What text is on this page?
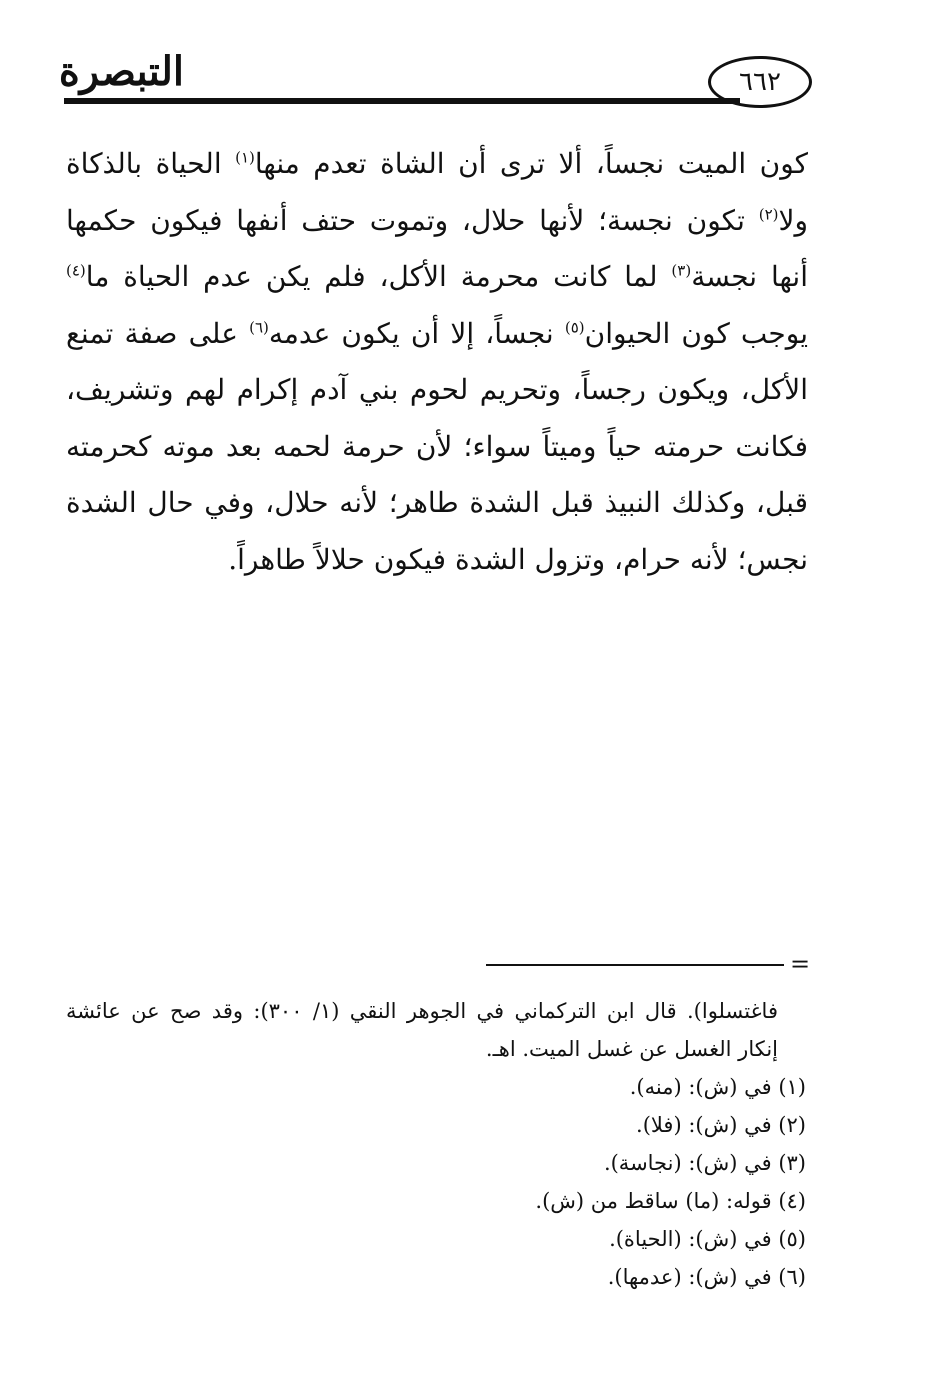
التبصرة	٦٦٢

كون الميت نجساً، ألا ترى أن الشاة تعدم منها$^{(١)}$ الحياة بالذكاة ولا$^{(٢)}$ تكون نجسة؛ لأنها حلال، وتموت حتف أنفها فيكون حكمها أنها نجسة$^{(٣)}$ لما كانت محرمة الأكل، فلم يكن عدم الحياة ما$^{(٤)}$ يوجب كون الحيوان$^{(٥)}$ نجساً، إلا أن يكون عدمه$^{(٦)}$ على صفة تمنع الأكل، ويكون رجساً، وتحريم لحوم بني آدم إكرام لهم وتشريف، فكانت حرمته حياً وميتاً سواء؛ لأن حرمة لحمه بعد موته كحرمته قبل، وكذلك النبيذ قبل الشدة طاهر؛ لأنه حلال، وفي حال الشدة نجس؛ لأنه حرام، وتزول الشدة فيكون حلالاً طاهراً.

=

فاغتسلوا). قال ابن التركماني في الجوهر النقي (١/ ٣٠٠): وقد صح عن عائشة إنكار الغسل عن غسل الميت. اهـ.

(١) في (ش): (منه).

(٢) في (ش): (فلا).

(٣) في (ش): (نجاسة).

(٤) قوله: (ما) ساقط من (ش).

(٥) في (ش): (الحياة).

(٦) في (ش): (عدمها).
